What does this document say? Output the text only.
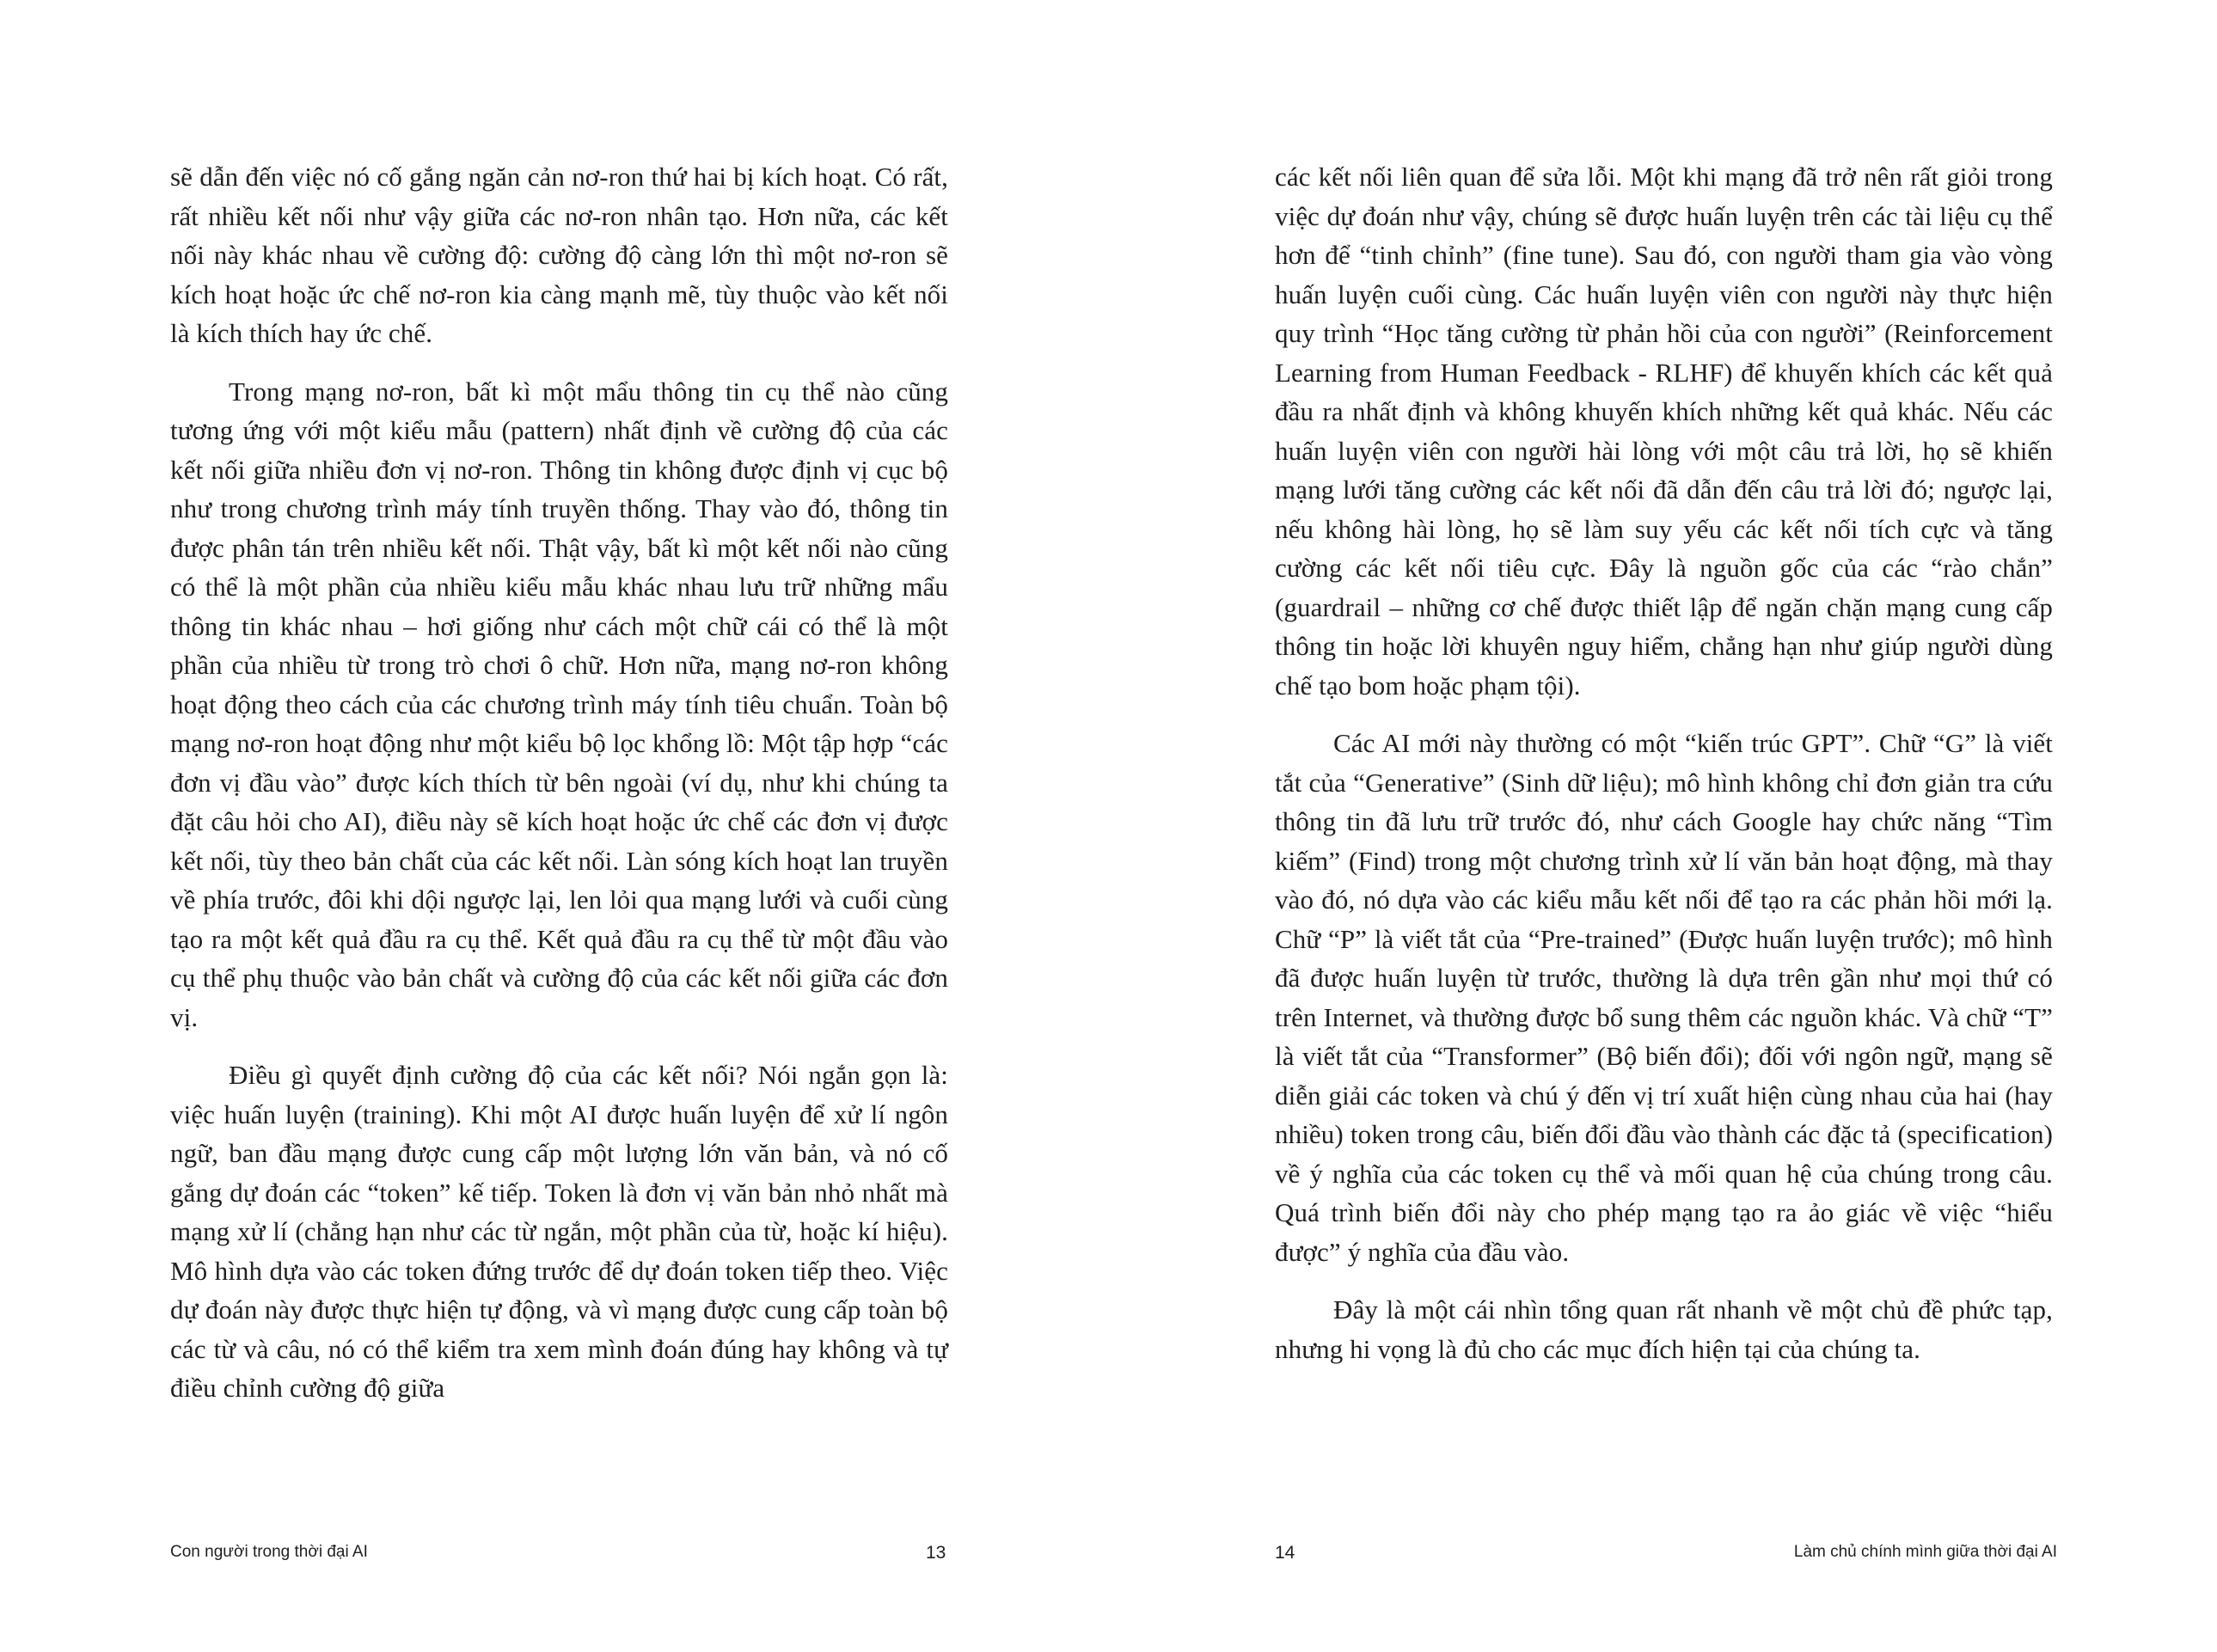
sẽ dẫn đến việc nó cố gắng ngăn cản nơ-ron thứ hai bị kích hoạt. Có rất, rất nhiều kết nối như vậy giữa các nơ-ron nhân tạo. Hơn nữa, các kết nối này khác nhau về cường độ: cường độ càng lớn thì một nơ-ron sẽ kích hoạt hoặc ức chế nơ-ron kia càng mạnh mẽ, tùy thuộc vào kết nối là kích thích hay ức chế.

Trong mạng nơ-ron, bất kì một mẩu thông tin cụ thể nào cũng tương ứng với một kiểu mẫu (pattern) nhất định về cường độ của các kết nối giữa nhiều đơn vị nơ-ron. Thông tin không được định vị cục bộ như trong chương trình máy tính truyền thống. Thay vào đó, thông tin được phân tán trên nhiều kết nối. Thật vậy, bất kì một kết nối nào cũng có thể là một phần của nhiều kiểu mẫu khác nhau lưu trữ những mẩu thông tin khác nhau – hơi giống như cách một chữ cái có thể là một phần của nhiều từ trong trò chơi ô chữ. Hơn nữa, mạng nơ-ron không hoạt động theo cách của các chương trình máy tính tiêu chuẩn. Toàn bộ mạng nơ-ron hoạt động như một kiểu bộ lọc khổng lồ: Một tập hợp “các đơn vị đầu vào” được kích thích từ bên ngoài (ví dụ, như khi chúng ta đặt câu hỏi cho AI), điều này sẽ kích hoạt hoặc ức chế các đơn vị được kết nối, tùy theo bản chất của các kết nối. Làn sóng kích hoạt lan truyền về phía trước, đôi khi dội ngược lại, len lỏi qua mạng lưới và cuối cùng tạo ra một kết quả đầu ra cụ thể. Kết quả đầu ra cụ thể từ một đầu vào cụ thể phụ thuộc vào bản chất và cường độ của các kết nối giữa các đơn vị.

Điều gì quyết định cường độ của các kết nối? Nói ngắn gọn là: việc huấn luyện (training). Khi một AI được huấn luyện để xử lí ngôn ngữ, ban đầu mạng được cung cấp một lượng lớn văn bản, và nó cố gắng dự đoán các “token” kế tiếp. Token là đơn vị văn bản nhỏ nhất mà mạng xử lí (chẳng hạn như các từ ngắn, một phần của từ, hoặc kí hiệu). Mô hình dựa vào các token đứng trước để dự đoán token tiếp theo. Việc dự đoán này được thực hiện tự động, và vì mạng được cung cấp toàn bộ các từ và câu, nó có thể kiểm tra xem mình đoán đúng hay không và tự điều chỉnh cường độ giữa

Con người trong thời đại AI	13

các kết nối liên quan để sửa lỗi. Một khi mạng đã trở nên rất giỏi trong việc dự đoán như vậy, chúng sẽ được huấn luyện trên các tài liệu cụ thể hơn để “tinh chỉnh” (fine tune). Sau đó, con người tham gia vào vòng huấn luyện cuối cùng. Các huấn luyện viên con người này thực hiện quy trình “Học tăng cường từ phản hồi của con người” (Reinforcement Learning from Human Feedback - RLHF) để khuyến khích các kết quả đầu ra nhất định và không khuyến khích những kết quả khác. Nếu các huấn luyện viên con người hài lòng với một câu trả lời, họ sẽ khiến mạng lưới tăng cường các kết nối đã dẫn đến câu trả lời đó; ngược lại, nếu không hài lòng, họ sẽ làm suy yếu các kết nối tích cực và tăng cường các kết nối tiêu cực. Đây là nguồn gốc của các “rào chắn” (guardrail – những cơ chế được thiết lập để ngăn chặn mạng cung cấp thông tin hoặc lời khuyên nguy hiểm, chẳng hạn như giúp người dùng chế tạo bom hoặc phạm tội).

Các AI mới này thường có một “kiến trúc GPT”. Chữ “G” là viết tắt của “Generative” (Sinh dữ liệu); mô hình không chỉ đơn giản tra cứu thông tin đã lưu trữ trước đó, như cách Google hay chức năng “Tìm kiếm” (Find) trong một chương trình xử lí văn bản hoạt động, mà thay vào đó, nó dựa vào các kiểu mẫu kết nối để tạo ra các phản hồi mới lạ. Chữ “P” là viết tắt của “Pre-trained” (Được huấn luyện trước); mô hình đã được huấn luyện từ trước, thường là dựa trên gần như mọi thứ có trên Internet, và thường được bổ sung thêm các nguồn khác. Và chữ “T” là viết tắt của “Transformer” (Bộ biến đổi); đối với ngôn ngữ, mạng sẽ diễn giải các token và chú ý đến vị trí xuất hiện cùng nhau của hai (hay nhiều) token trong câu, biến đổi đầu vào thành các đặc tả (specification) về ý nghĩa của các token cụ thể và mối quan hệ của chúng trong câu. Quá trình biến đổi này cho phép mạng tạo ra ảo giác về việc “hiểu được” ý nghĩa của đầu vào.

Đây là một cái nhìn tổng quan rất nhanh về một chủ đề phức tạp, nhưng hi vọng là đủ cho các mục đích hiện tại của chúng ta.

14	Làm chủ chính mình giữa thời đại AI
